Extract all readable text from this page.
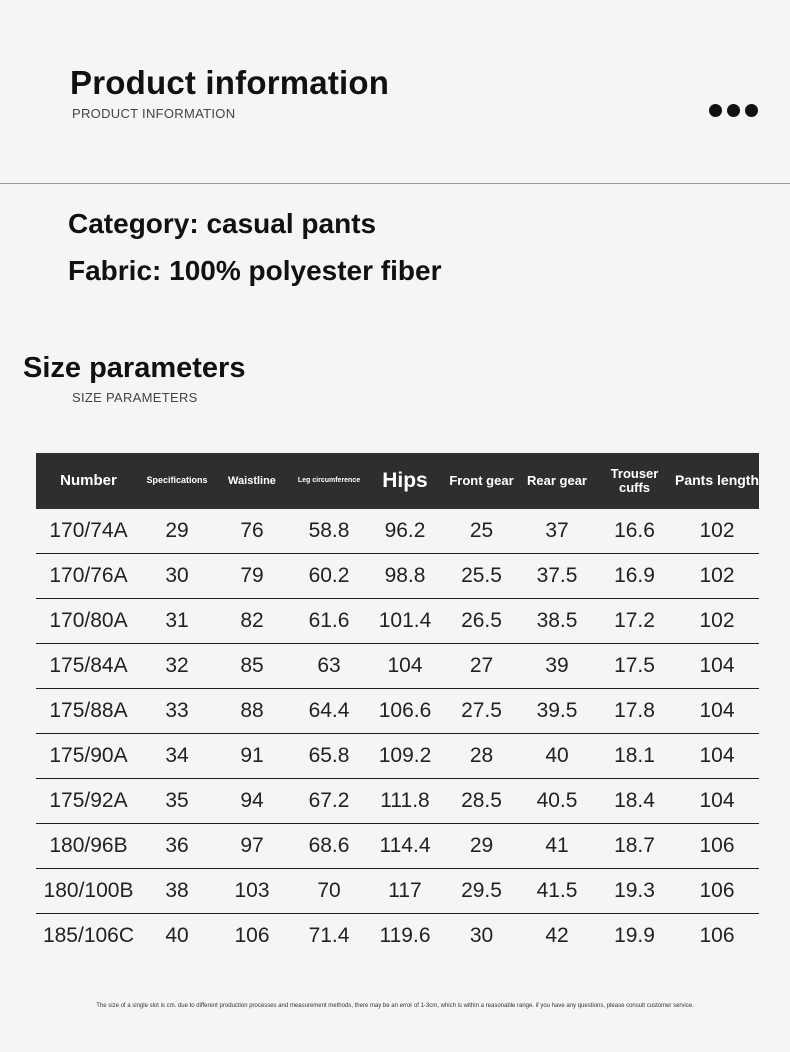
Product information
PRODUCT INFORMATION
Category: casual pants
Fabric: 100% polyester fiber
Size parameters
SIZE PARAMETERS
Number	Specifications	Waistline	Leg circumference	Hips	Front gear	Rear gear	Trouser cuffs	Pants length
170/74A	29	76	58.8	96.2	25	37	16.6	102
170/76A	30	79	60.2	98.8	25.5	37.5	16.9	102
170/80A	31	82	61.6	101.4	26.5	38.5	17.2	102
175/84A	32	85	63	104	27	39	17.5	104
175/88A	33	88	64.4	106.6	27.5	39.5	17.8	104
175/90A	34	91	65.8	109.2	28	40	18.1	104
175/92A	35	94	67.2	111.8	28.5	40.5	18.4	104
180/96B	36	97	68.6	114.4	29	41	18.7	106
180/100B	38	103	70	117	29.5	41.5	19.3	106
185/106C	40	106	71.4	119.6	30	42	19.9	106
The size of a single slot is cm. due to different production processes and measurement methods, there may be an error of 1-3cm, which is within a reasonable range. if you have any questions, please consult customer service.
